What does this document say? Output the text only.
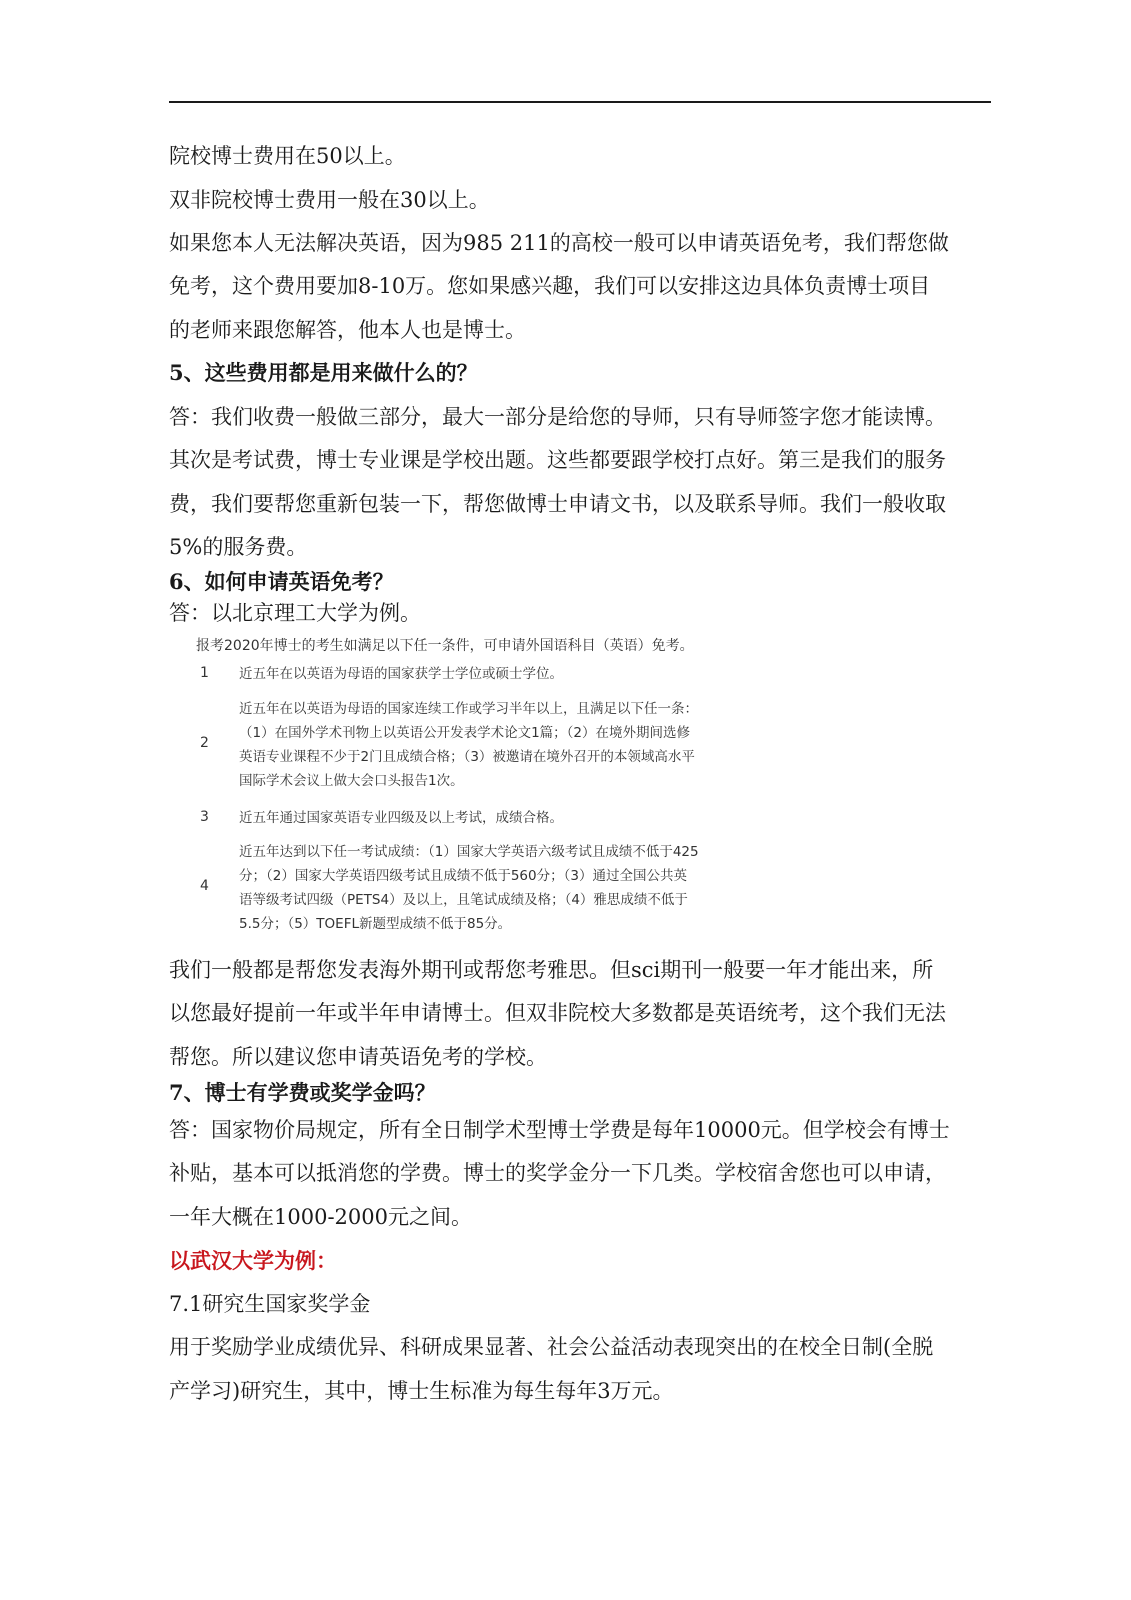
院校博士费用在50以上。
双非院校博士费用一般在30以上。
如果您本人无法解决英语，因为985 211的高校一般可以申请英语免考，我们帮您做
免考，这个费用要加8-10万。您如果感兴趣，我们可以安排这边具体负责博士项目
的老师来跟您解答，他本人也是博士。
5、这些费用都是用来做什么的？
答：我们收费一般做三部分，最大一部分是给您的导师，只有导师签字您才能读博。
其次是考试费，博士专业课是学校出题。这些都要跟学校打点好。第三是我们的服务
费，我们要帮您重新包装一下，帮您做博士申请文书，以及联系导师。我们一般收取
5%的服务费。
6、如何申请英语免考？
答：以北京理工大学为例。
报考2020年博士的考生如满足以下任一条件，可申请外国语科目（英语）免考。
1 近五年在以英语为母语的国家获学士学位或硕士学位。
2
近五年在以英语为母语的国家连续工作或学习半年以上，且满足以下任一条：
（1）在国外学术刊物上以英语公开发表学术论文1篇；（2）在境外期间选修
英语专业课程不少于2门且成绩合格；（3）被邀请在境外召开的本领域高水平
国际学术会议上做大会口头报告1次。
3 近五年通过国家英语专业四级及以上考试，成绩合格。
4
近五年达到以下任一考试成绩：（1）国家大学英语六级考试且成绩不低于425
分；（2）国家大学英语四级考试且成绩不低于560分；（3）通过全国公共英
语等级考试四级（PETS4）及以上，且笔试成绩及格；（4）雅思成绩不低于
5.5分；（5）TOEFL新题型成绩不低于85分。
我们一般都是帮您发表海外期刊或帮您考雅思。但sci期刊一般要一年才能出来，所
以您最好提前一年或半年申请博士。但双非院校大多数都是英语统考，这个我们无法
帮您。所以建议您申请英语免考的学校。
7、博士有学费或奖学金吗？
答：国家物价局规定，所有全日制学术型博士学费是每年10000元。但学校会有博士
补贴，基本可以抵消您的学费。博士的奖学金分一下几类。学校宿舍您也可以申请，
一年大概在1000-2000元之间。
以武汉大学为例：
7.1研究生国家奖学金
用于奖励学业成绩优异、科研成果显著、社会公益活动表现突出的在校全日制(全脱
产学习)研究生，其中，博士生标准为每生每年3万元。
